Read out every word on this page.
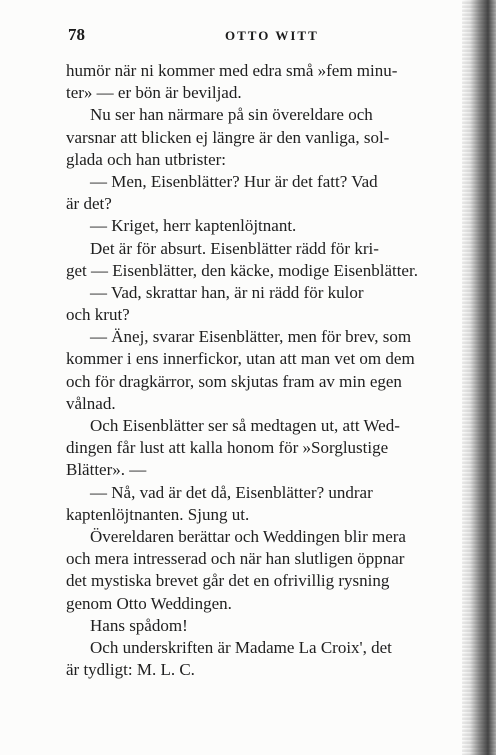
78	OTTO WITT
humör när ni kommer med edra små »fem minu-
ter» — er bön är beviljad.
Nu ser han närmare på sin övereldare och
varsnar att blicken ej längre är den vanliga, sol-
glada och han utbrister:
— Men, Eisenblätter? Hur är det fatt? Vad
är det?
— Kriget, herr kaptenlöjtnant.
Det är för absurt. Eisenblätter rädd för kri-
get — Eisenblätter, den käcke, modige Eisenblätter.
— Vad, skrattar han, är ni rädd för kulor
och krut?
— Änej, svarar Eisenblätter, men för brev, som
kommer i ens innerfickor, utan att man vet om dem
och för dragkärror, som skjutas fram av min egen
vålnad.
Och Eisenblätter ser så medtagen ut, att Wed-
dingen får lust att kalla honom för »Sorglustige
Blätter». —
— Nå, vad är det då, Eisenblätter? undrar
kaptenlöjtnanten. Sjung ut.
Övereldaren berättar och Weddingen blir mera
och mera intresserad och när han slutligen öppnar
det mystiska brevet går det en ofrivillig rysning
genom Otto Weddingen.
Hans spådom!
Och underskriften är Madame La Croix', det
är tydligt: M. L. C.
